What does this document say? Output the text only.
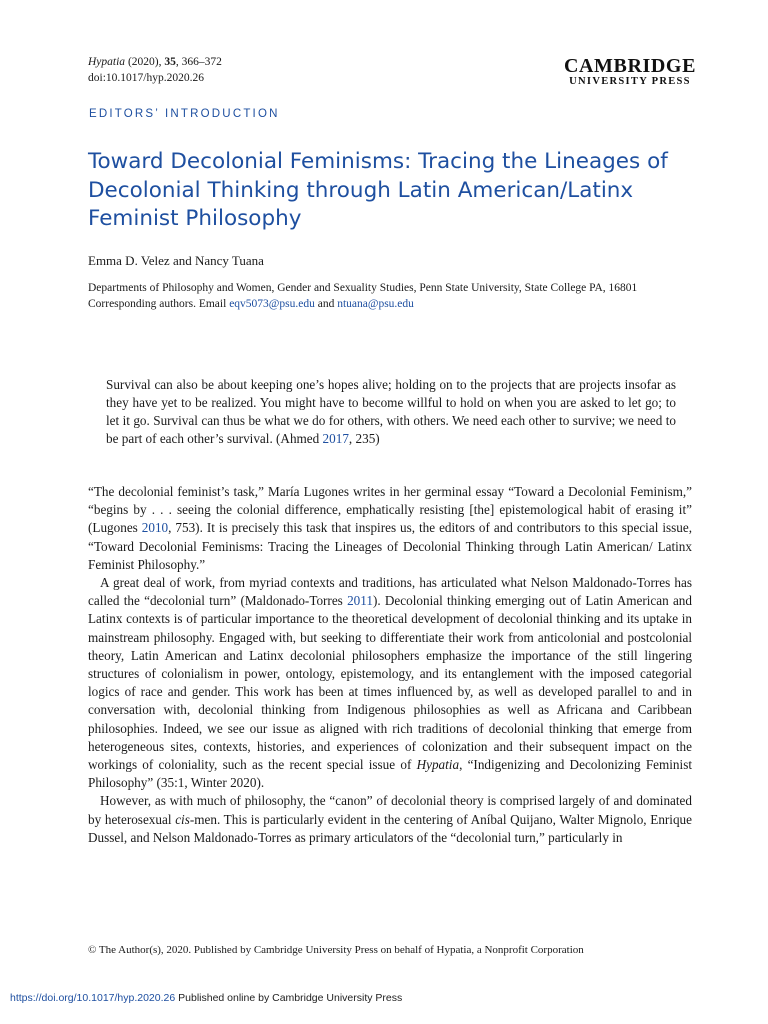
Hypatia (2020), 35, 366–372
doi:10.1017/hyp.2020.26
CAMBRIDGE
UNIVERSITY PRESS
EDITORS’ INTRODUCTION
Toward Decolonial Feminisms: Tracing the Lineages of Decolonial Thinking through Latin American/Latinx Feminist Philosophy
Emma D. Velez and Nancy Tuana
Departments of Philosophy and Women, Gender and Sexuality Studies, Penn State University, State College PA, 16801
Corresponding authors. Email eqv5073@psu.edu and ntuana@psu.edu
Survival can also be about keeping one’s hopes alive; holding on to the projects that are projects insofar as they have yet to be realized. You might have to become willful to hold on when you are asked to let go; to let it go. Survival can thus be what we do for others, with others. We need each other to survive; we need to be part of each other’s survival. (Ahmed 2017, 235)

“The decolonial feminist’s task,” María Lugones writes in her germinal essay “Toward a Decolonial Feminism,” “begins by . . . seeing the colonial difference, emphatically resisting [the] epistemological habit of erasing it” (Lugones 2010, 753). It is precisely this task that inspires us, the editors of and contributors to this special issue, “Toward Decolonial Feminisms: Tracing the Lineages of Decolonial Thinking through Latin American/ Latinx Feminist Philosophy.”

A great deal of work, from myriad contexts and traditions, has articulated what Nelson Maldonado-Torres has called the “decolonial turn” (Maldonado-Torres 2011). Decolonial thinking emerging out of Latin American and Latinx contexts is of particular importance to the theoretical development of decolonial thinking and its uptake in mainstream philosophy. Engaged with, but seeking to differentiate their work from anticolonial and postcolonial theory, Latin American and Latinx decolonial philosophers emphasize the importance of the still lingering structures of colonialism in power, ontology, epistemology, and its entanglement with the imposed categorial logics of race and gender. This work has been at times influenced by, as well as developed parallel to and in conversation with, decolonial thinking from Indigenous philosophies as well as Africana and Caribbean philosophies. Indeed, we see our issue as aligned with rich traditions of decolonial thinking that emerge from heterogeneous sites, contexts, histories, and experiences of colonization and their subsequent impact on the workings of coloniality, such as the recent special issue of Hypatia, “Indigenizing and Decolonizing Feminist Philosophy” (35:1, Winter 2020).

However, as with much of philosophy, the “canon” of decolonial theory is comprised largely of and dominated by heterosexual cis-men. This is particularly evident in the centering of Aníbal Quijano, Walter Mignolo, Enrique Dussel, and Nelson Maldonado-Torres as primary articulators of the “decolonial turn,” particularly in

© The Author(s), 2020. Published by Cambridge University Press on behalf of Hypatia, a Nonprofit Corporation
https://doi.org/10.1017/hyp.2020.26 Published online by Cambridge University Press
